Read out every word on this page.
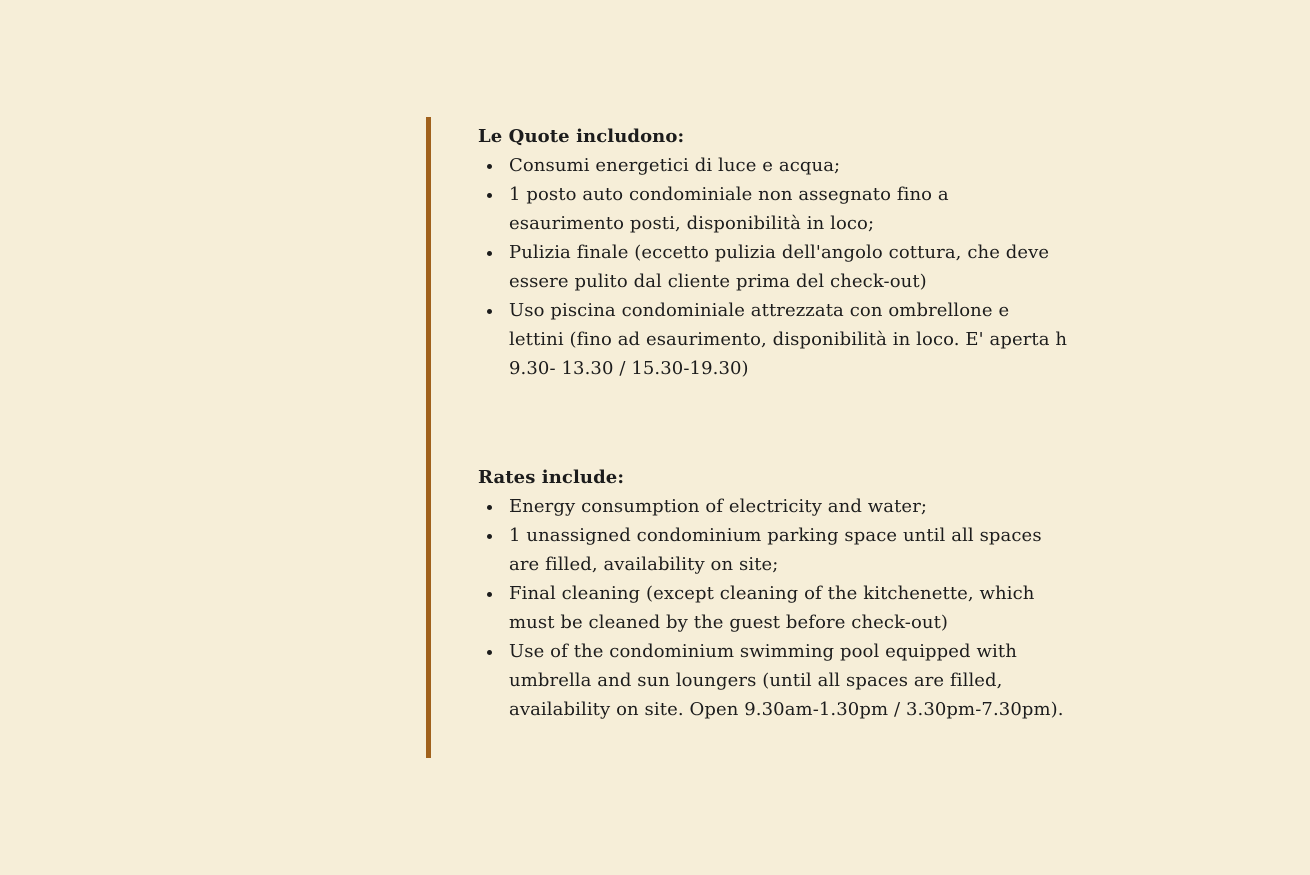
Le Quote includono:

Consumi energetici di luce e acqua;
1 posto auto condominiale non assegnato fino a esaurimento posti, disponibilità in loco;
Pulizia finale (eccetto pulizia dell'angolo cottura, che deve essere pulito dal cliente prima del check-out)
Uso piscina condominiale attrezzata con ombrellone e lettini (fino ad esaurimento, disponibilità in loco. E' aperta h 9.30- 13.30 / 15.30-19.30)

Rates include:

Energy consumption of electricity and water;
1 unassigned condominium parking space until all spaces are filled, availability on site;
Final cleaning (except cleaning of the kitchenette, which must be cleaned by the guest before check-out)
Use of the condominium swimming pool equipped with umbrella and sun loungers (until all spaces are filled, availability on site. Open 9.30am-1.30pm / 3.30pm-7.30pm).
